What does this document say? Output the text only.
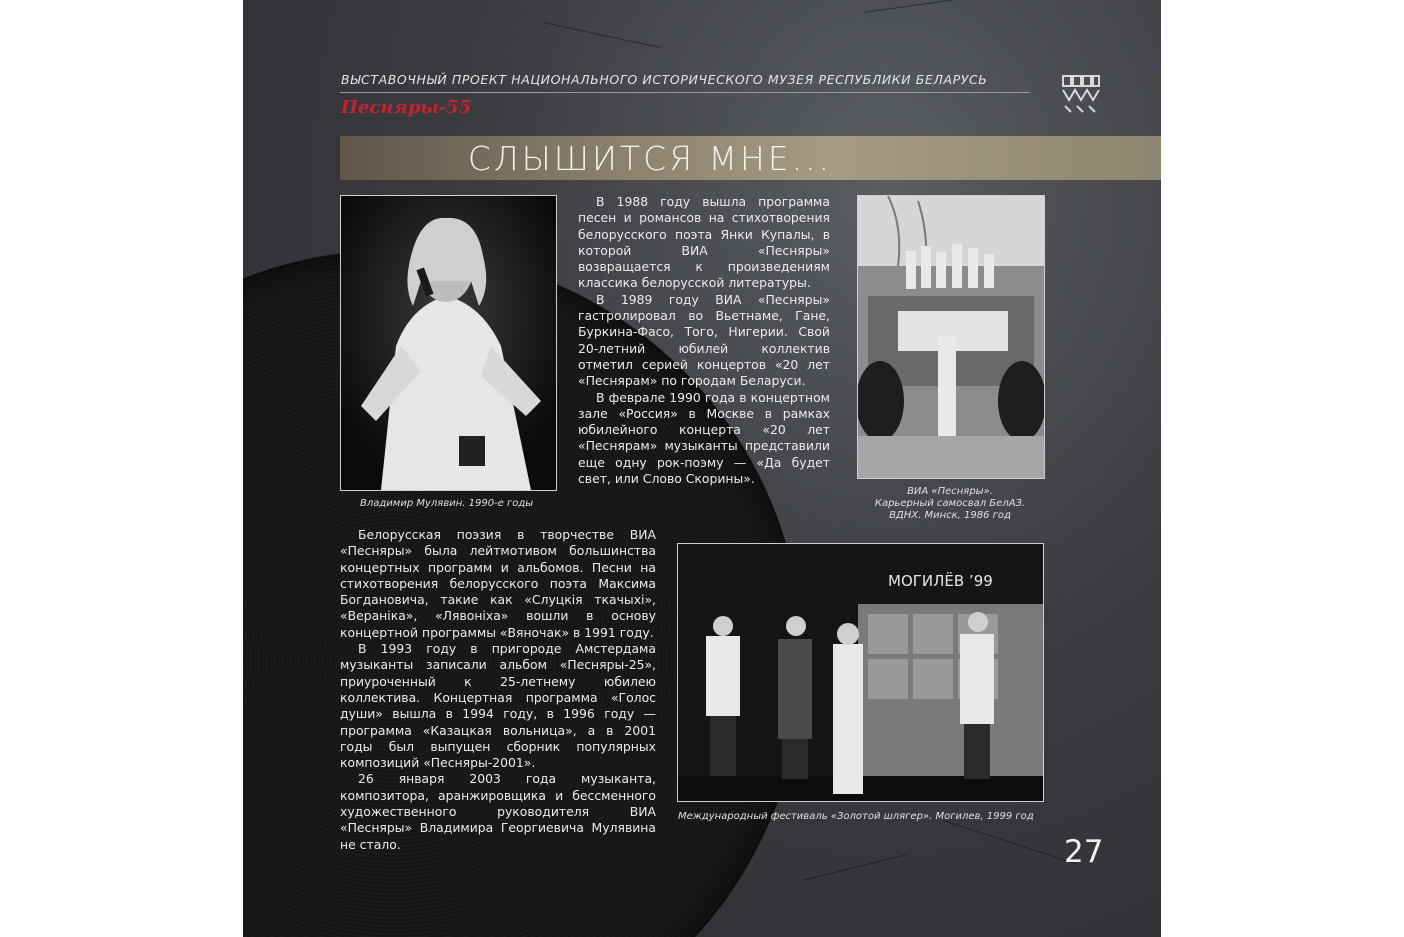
ВЫСТАВОЧНЫЙ ПРОЕКТ НАЦИОНАЛЬНОГО ИСТОРИЧЕСКОГО МУЗЕЯ РЕСПУБЛИКИ БЕЛАРУСЬ
Песняры-55
СЛЫШИТСЯ МНЕ...
Владимир Мулявин. 1990-е годы

В 1988 году вышла программа песен и романсов на стихотворения белорусского поэта Янки Купалы, в которой ВИА «Песняры» возвращается к произведениям классика белорусской литературы.

В 1989 году ВИА «Песняры» гастролировал во Вьетнаме, Гане, Буркина-Фасо, Того, Нигерии. Свой 20-летний юбилей коллектив отметил серией концертов «20 лет «Песнярам» по городам Беларуси.

В феврале 1990 года в концертном зале «Россия» в Москве в рамках юбилейного концерта «20 лет «Песнярам» музыканты представили еще одну рок-поэму — «Да будет свет, или Слово Скорины».

ВИА «Песняры».
Карьерный самосвал БелАЗ.
ВДНХ. Минск, 1986 год

Белорусская поэзия в творчестве ВИА «Песняры» была лейтмотивом большинства концертных программ и альбомов. Песни на стихотворения белорусского поэта Максима Богдановича, такие как «Слуцкія ткачыхі», «Веранікa», «Лявоніха» вошли в основу концертной программы «Вяночак» в 1991 году.

В 1993 году в пригороде Амстердама музыканты записали альбом «Песняры-25», приуроченный к 25-летнему юбилею коллектива. Концертная программа «Голос души» вышла в 1994 году, в 1996 году — программа «Казацкая вольница», а в 2001 годы был выпущен сборник популярных композиций «Песняры-2001».

26 января 2003 года музыканта, композитора, аранжировщика и бессменного художественного руководителя ВИА «Песняры» Владимира Георгиевича Мулявина не стало.

МОГИЛЁВ ’99
Международный фестиваль «Золотой шлягер». Могилев, 1999 год
27
